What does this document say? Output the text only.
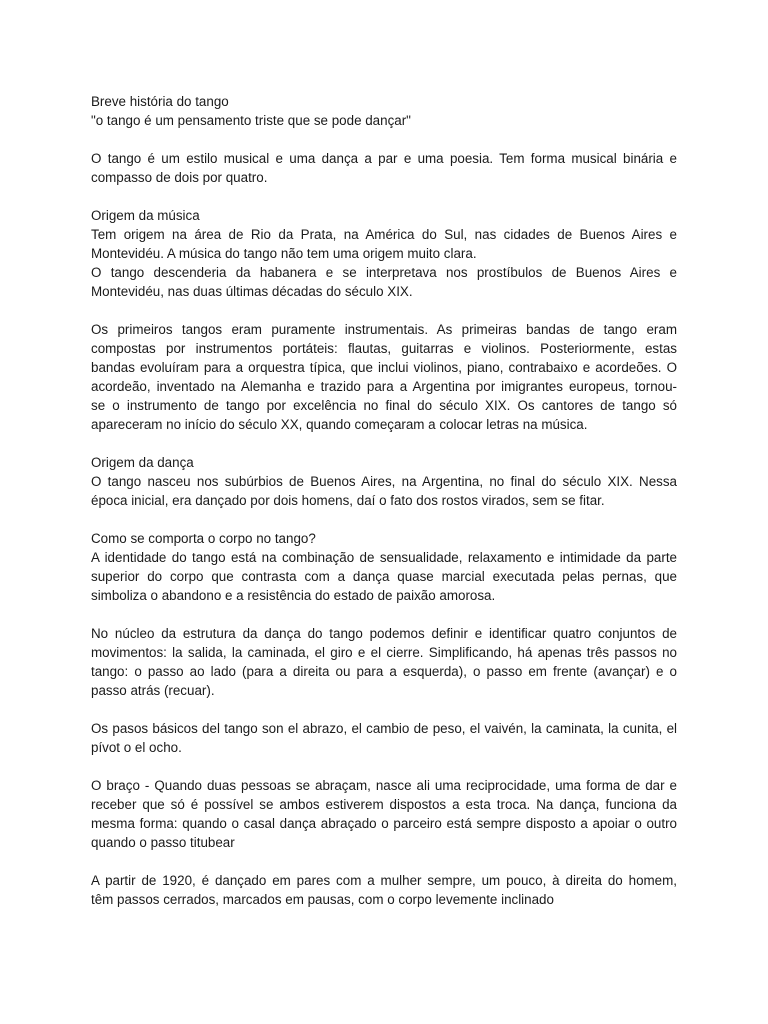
Breve história do tango
"o tango é um pensamento triste que se pode dançar"
O tango é um estilo musical e uma dança a par e uma poesia. Tem forma musical binária e
compasso de dois por quatro.
Origem da música
Tem origem na área de Rio da Prata, na América do Sul, nas cidades de Buenos Aires e
Montevidéu. A música do tango não tem uma origem muito clara.
O tango descenderia da habanera e se interpretava nos prostíbulos de Buenos Aires e
Montevidéu, nas duas últimas décadas do século XIX.
Os primeiros tangos eram puramente instrumentais. As primeiras bandas de tango eram
compostas por instrumentos portáteis: flautas, guitarras e violinos. Posteriormente, estas
bandas evoluíram para a orquestra típica, que inclui violinos, piano, contrabaixo e acordeões. O
acordeão, inventado na Alemanha e trazido para a Argentina por imigrantes europeus, tornou-
se o instrumento de tango por excelência no final do século XIX. Os cantores de tango só
apareceram no início do século XX, quando começaram a colocar letras na música.
Origem da dança
O tango nasceu nos subúrbios de Buenos Aires, na Argentina, no final do século XIX. Nessa
época inicial, era dançado por dois homens, daí o fato dos rostos virados, sem se fitar.
Como se comporta o corpo no tango?
A identidade do tango está na combinação de sensualidade, relaxamento e intimidade da parte
superior do corpo que contrasta com a dança quase marcial executada pelas pernas, que
simboliza o abandono e a resistência do estado de paixão amorosa.
No núcleo da estrutura da dança do tango podemos definir e identificar quatro conjuntos de
movimentos: la salida, la caminada, el giro e el cierre. Simplificando, há apenas três passos no
tango: o passo ao lado (para a direita ou para a esquerda), o passo em frente (avançar) e o
passo atrás (recuar).
Os pasos básicos del tango son el abrazo, el cambio de peso, el vaivén, la caminata, la cunita, el
pívot o el ocho.
O braço - Quando duas pessoas se abraçam, nasce ali uma reciprocidade, uma forma de dar e
receber que só é possível se ambos estiverem dispostos a esta troca. Na dança, funciona da
mesma forma: quando o casal dança abraçado o parceiro está sempre disposto a apoiar o outro
quando o passo titubear
A partir de 1920, é dançado em pares com a mulher sempre, um pouco, à direita do homem,
têm passos cerrados, marcados em pausas, com o corpo levemente inclinado
